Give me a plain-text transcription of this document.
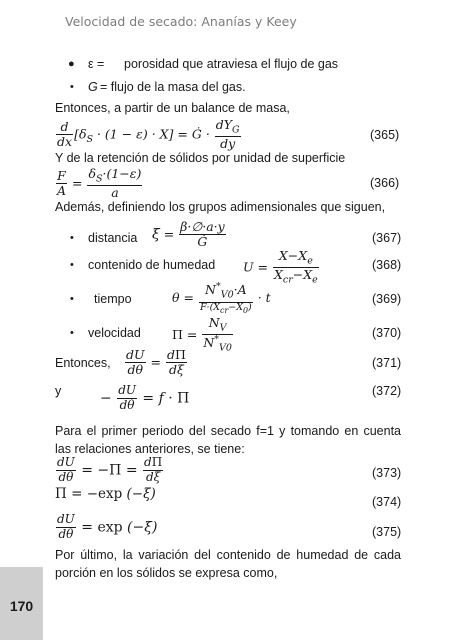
Velocidad de secado: Ananías y Keey
● ε = porosidad que atraviesa el flujo de gas
• G = flujo de la masa del gas.
Entonces, a partir de un balance de masa,
$\frac{d}{dx} [\delta_S \cdot (1 - \varepsilon) \cdot X]$ = Ġ · $\frac{dY_G}{dy}$	(365)
Y de la retención de sólidos por unidad de superficie
$\frac{F}{A} = \frac{\delta_S\cdot(1-\varepsilon)}{a}$	(366)
Además, definiendo los grupos adimensionales que siguen,
• distancia $\xi = \frac{\beta\cdot\emptyset\cdot a\cdot y}{Ġ}$	(367)
• contenido de humedad $U = \frac{X-X_e}{X_{cr}-X_e}$	(368)
• tiempo	$\theta = \frac{N^*_{V0}\cdot A}{F\cdot(X_{cr}-X_0)} \cdot t$	(369)
• velocidad $\Pi = \frac{N_V}{N^*_{V0}}$	(370)
Entonces, $\frac{dU}{d\theta} = \frac{d\Pi}{d\xi}$	(371)
y	− $\frac{dU}{d\theta} = f \cdot \Pi$	(372)
Para el primer periodo del secado f=1 y tomando en cuenta las relaciones anteriores, se tiene:
$\frac{dU}{d\theta} = -\Pi = \frac{d\Pi}{d\xi}$	(373)
Π = −exp (−ξ)	(374)
$\frac{dU}{d\theta} = \exp (-\xi)$	(375)
Por último, la variación del contenido de humedad de cada porción en los sólidos se expresa como,
170
